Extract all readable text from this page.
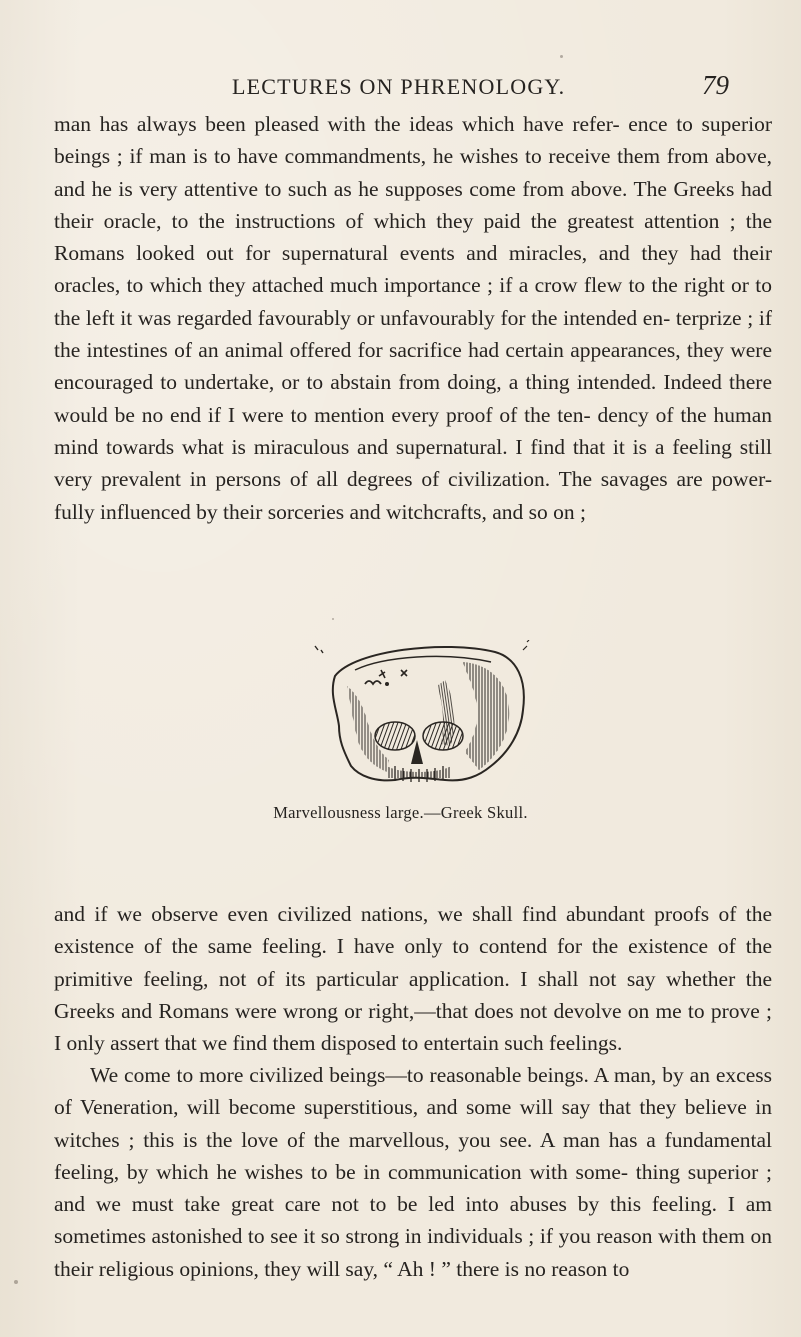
LECTURES ON PHRENOLOGY.	79

man has always been pleased with the ideas which have refer- ence to superior beings ; if man is to have commandments, he wishes to receive them from above, and he is very attentive to such as he supposes come from above. The Greeks had their oracle, to the instructions of which they paid the greatest attention ; the Romans looked out for supernatural events and miracles, and they had their oracles, to which they attached much importance ; if a crow flew to the right or to the left it was regarded favourably or unfavourably for the intended en- terprize ; if the intestines of an animal offered for sacrifice had certain appearances, they were encouraged to undertake, or to abstain from doing, a thing intended. Indeed there would be no end if I were to mention every proof of the ten- dency of the human mind towards what is miraculous and supernatural. I find that it is a feeling still very prevalent in persons of all degrees of civilization. The savages are power- fully influenced by their sorceries and witchcrafts, and so on ;

Marvellousness large.—Greek Skull.

and if we observe even civilized nations, we shall find abundant proofs of the existence of the same feeling. I have only to contend for the existence of the primitive feeling, not of its particular application. I shall not say whether the Greeks and Romans were wrong or right,—that does not devolve on me to prove ; I only assert that we find them disposed to entertain such feelings.

We come to more civilized beings—to reasonable beings. A man, by an excess of Veneration, will become superstitious, and some will say that they believe in witches ; this is the love of the marvellous, you see. A man has a fundamental feeling, by which he wishes to be in communication with some- thing superior ; and we must take great care not to be led into abuses by this feeling. I am sometimes astonished to see it so strong in individuals ; if you reason with them on their religious opinions, they will say, “ Ah ! ” there is no reason to
